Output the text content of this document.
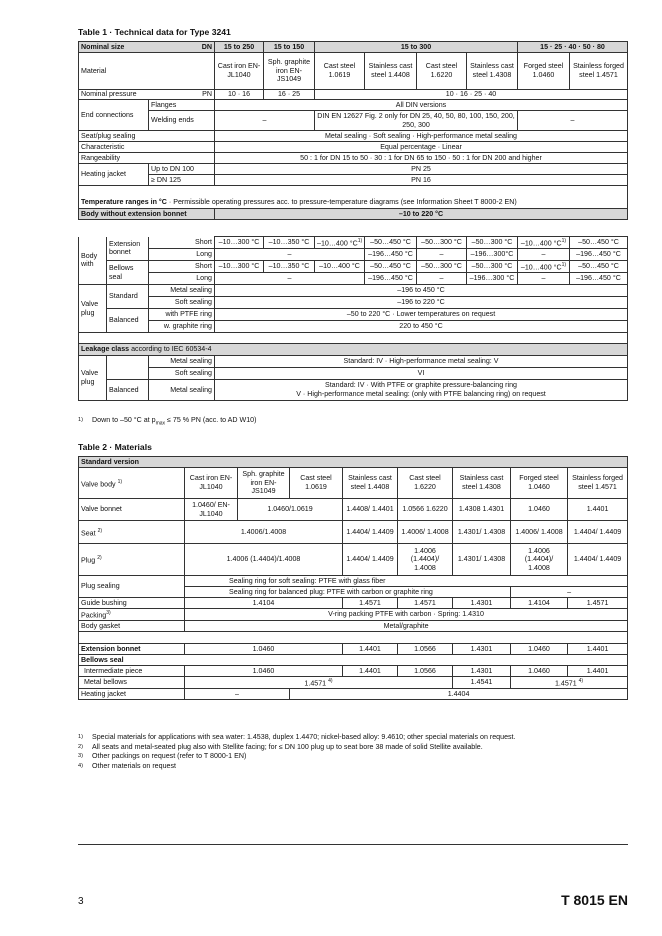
Table 1 · Technical data for Type 3241
Nominal size	DN	15 to 250	15 to 150	15 to 300				15 · 25 · 40 · 50 · 80	
Material		Cast iron EN-JL1040	Sph. graphite iron EN-JS1049	Cast steel 1.0619	Stainless cast steel 1.4408	Cast steel 1.6220	Stainless cast steel 1.4308	Forged steel 1.0460	Stainless forged steel 1.4571
Nominal pressure	PN	10 · 16	16 · 25	10 · 16 · 25 · 40					
End connections	Flanges	All DIN versions							
	Welding ends	–		DIN EN 12627 Fig. 2 only for DN 25, 40, 50, 80, 100, 150, 200, 250, 300				–	
Seat/plug sealing		Metal sealing · Soft sealing · High-performance metal sealing							
Characteristic		Equal percentage · Linear							
Rangeability		50 : 1 for DN 15 to 50 · 30 : 1 for DN 65 to 150 · 50 : 1 for DN 200 and higher							
Heating jacket	Up to DN 100	PN 25							
	≥ DN 125	PN 16							

Temperature ranges in °C · Permissible operating pressures acc. to pressure-temperature diagrams (see Information Sheet T 8000-2 EN)									
Body without extension bonnet		–10 to 220 °C							
Body with	Extension bonnet	Short	–10…300 °C	–10…350 °C	–10…400 $^\circ C^{1)}$	–50…450 °C	–50…300 °C	–50…300 °C	–10…400 $^\circ C^{1)}$	–50…450 °C
		Long	–			–196…450 °C	–	–196…300°C	–	–196…450 °C
	Bellows seal	Short	–10…300 °C	–10…350 °C	–10…400 °C	–50…450 °C	–50…300 °C	–50…300 °C	–10…400 $^\circ C^{1)}$	–50…450 °C
		Long	–			–196…450 °C	–	–196…300 °C	–	–196…450 °C
Valve plug	Standard	Metal sealing	–196 to 450 °C							
		Soft sealing	–196 to 220 °C							
	Balanced	with PTFE ring	–50 to 220 °C · Lower temperatures on request							
		w. graphite ring	220 to 450 °C							

Leakage class according to IEC 60534-4										
Valve plug		Metal sealing	Standard: IV · High-performance metal sealing: V							
		Soft sealing	VI							
	Balanced	Metal sealing	Standard: IV · With PTFE or graphite pressure-balancing ring
V · High-performance metal sealing: (only with PTFE balancing ring) on request							
1) Down to –50 °C at $p_{max} \le 75$ % PN (acc. to AD W10)
Table 2 · Materials
Standard version								
Valve body $^{1)}$	Cast iron EN-JL1040	Sph. graphite iron EN-JS1049	Cast steel 1.0619	Stainless cast steel 1.4408	Cast steel 1.6220	Stainless cast steel 1.4308	Forged steel 1.0460	Stainless forged steel 1.4571
Valve bonnet	1.0460/ EN-JL1040	1.0460/1.0619		1.4408/ 1.4401	1.0566 1.6220	1.4308 1.4301	1.0460	1.4401
Seat $^{2)}$	1.4006/1.4008			1.4404/ 1.4409	1.4006/ 1.4008	1.4301/ 1.4308	1.4006/ 1.4008	1.4404/ 1.4409
Plug $^{2)}$	1.4006 (1.4404)/1.4008			1.4404/ 1.4409	1.4006 (1.4404)/ 1.4008	1.4301/ 1.4308	1.4006 (1.4404)/ 1.4008	1.4404/ 1.4409
Plug sealing	Sealing ring for soft sealing: PTFE with glass fiber							
	Sealing ring for balanced plug: PTFE with carbon or graphite ring						–	
Guide bushing	1.4104			1.4571	1.4571	1.4301	1.4104	1.4571
Packing$^{3)}$	V-ring packing PTFE with carbon · Spring: 1.4310							
Body gasket	Metal/graphite							

Extension bonnet	1.0460			1.4401	1.0566	1.4301	1.0460	1.4401
Bellows seal								
Intermediate piece	1.0460			1.4401	1.0566	1.4301	1.0460	1.4401
Metal bellows	1.4571 $^{4)}$					1.4541	1.4571 $^{4)}$
Heating jacket	–		1.4404					
1) Special materials for applications with sea water: 1.4538, duplex 1.4470; nickel-based alloy: 9.4610; other special materials on request.
2) All seats and metal-seated plug also with Stellite facing; for ≤ DN 100 plug up to seat bore 38 made of solid Stellite available.
3) Other packings on request (refer to T 8000-1 EN)
4) Other materials on request
3	T 8015 EN
